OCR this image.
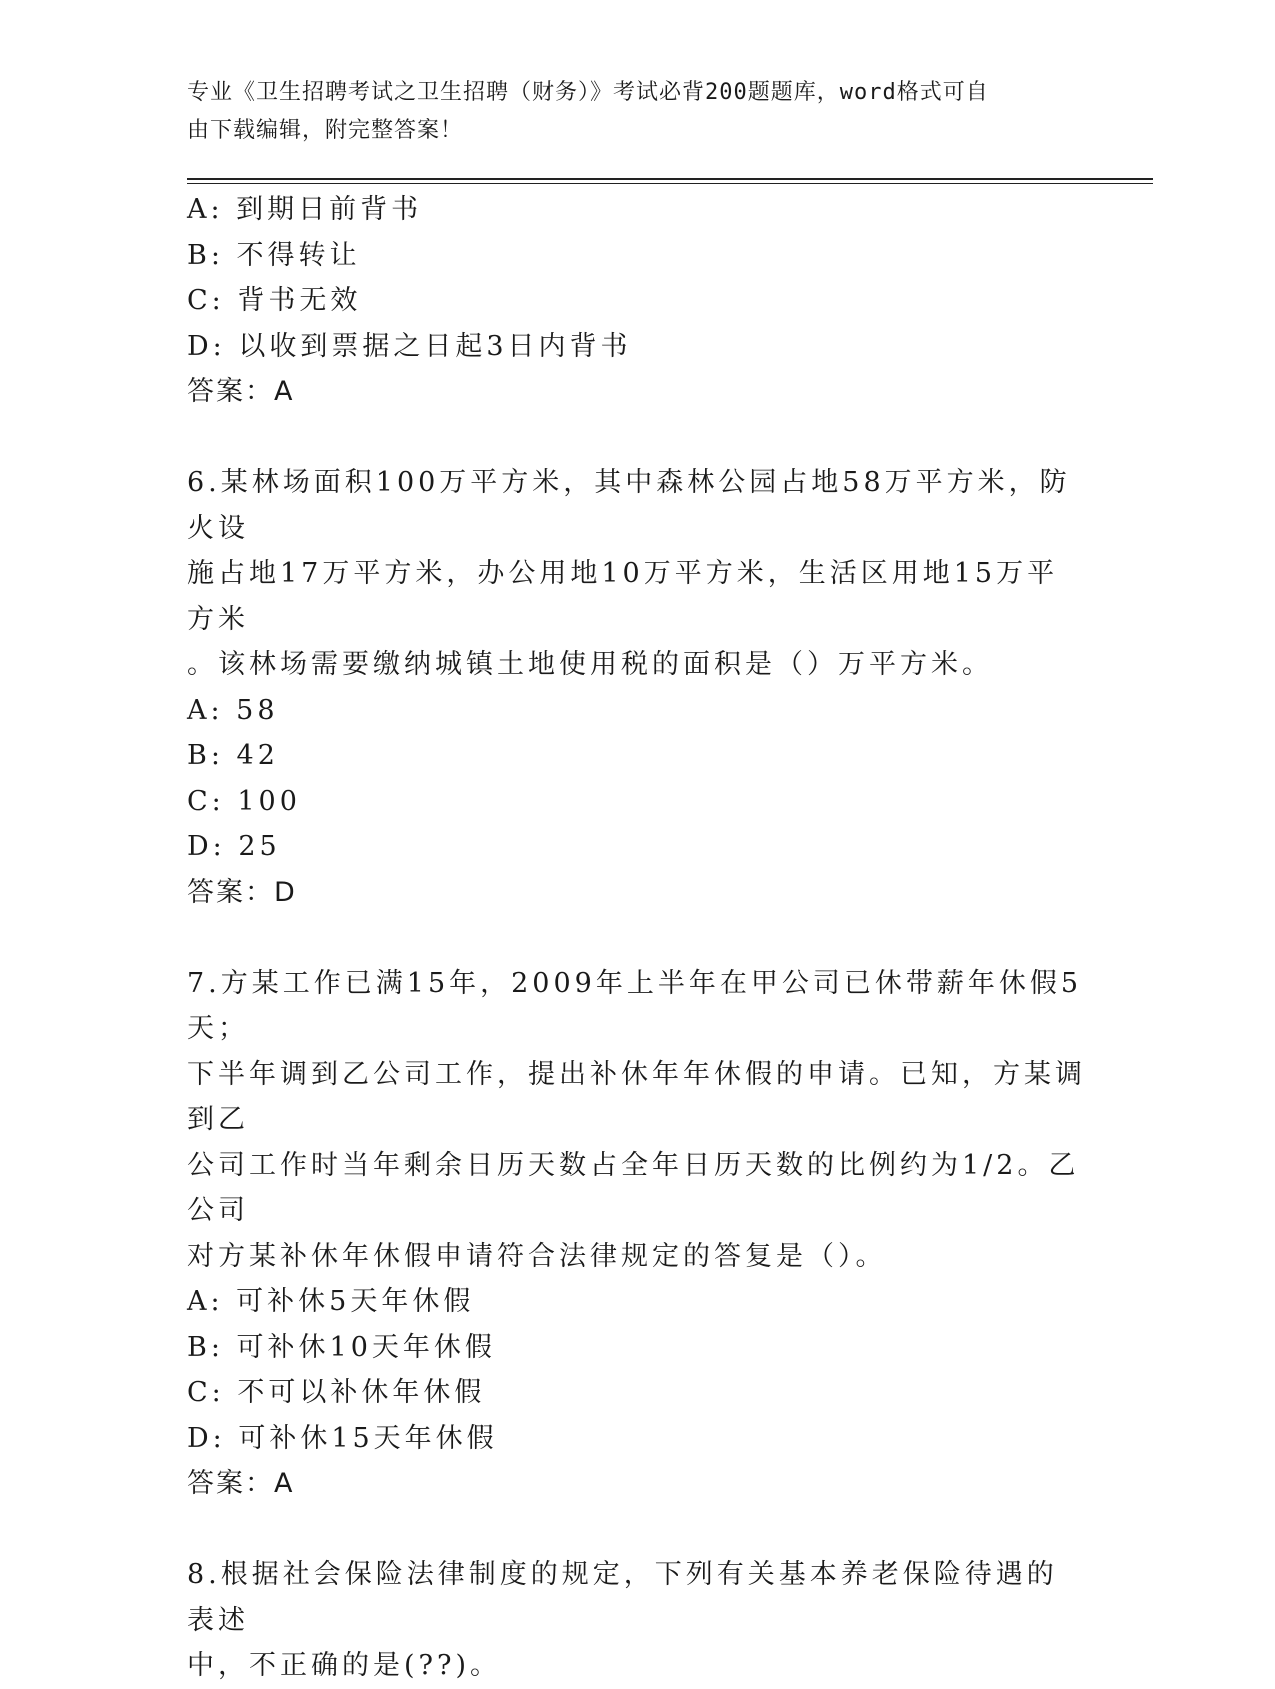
专业《卫生招聘考试之卫生招聘（财务）》考试必背200题题库，word格式可自
由下载编辑，附完整答案！
A: 到期日前背书
B: 不得转让
C: 背书无效
D: 以收到票据之日起3日内背书
答案：A
6.某林场面积100万平方米，其中森林公园占地58万平方米，防火设
施占地17万平方米，办公用地10万平方米，生活区用地15万平方米
。该林场需要缴纳城镇土地使用税的面积是（）万平方米。
A: 58
B: 42
C: 100
D: 25
答案：D
7.方某工作已满15年，2009年上半年在甲公司已休带薪年休假5天；
下半年调到乙公司工作，提出补休年年休假的申请。已知，方某调到乙
公司工作时当年剩余日历天数占全年日历天数的比例约为1/2。乙公司
对方某补休年休假申请符合法律规定的答复是（）。
A: 可补休5天年休假
B: 可补休10天年休假
C: 不可以补休年休假
D: 可补休15天年休假
答案：A
8.根据社会保险法律制度的规定，下列有关基本养老保险待遇的表述
中，不正确的是(??)。
